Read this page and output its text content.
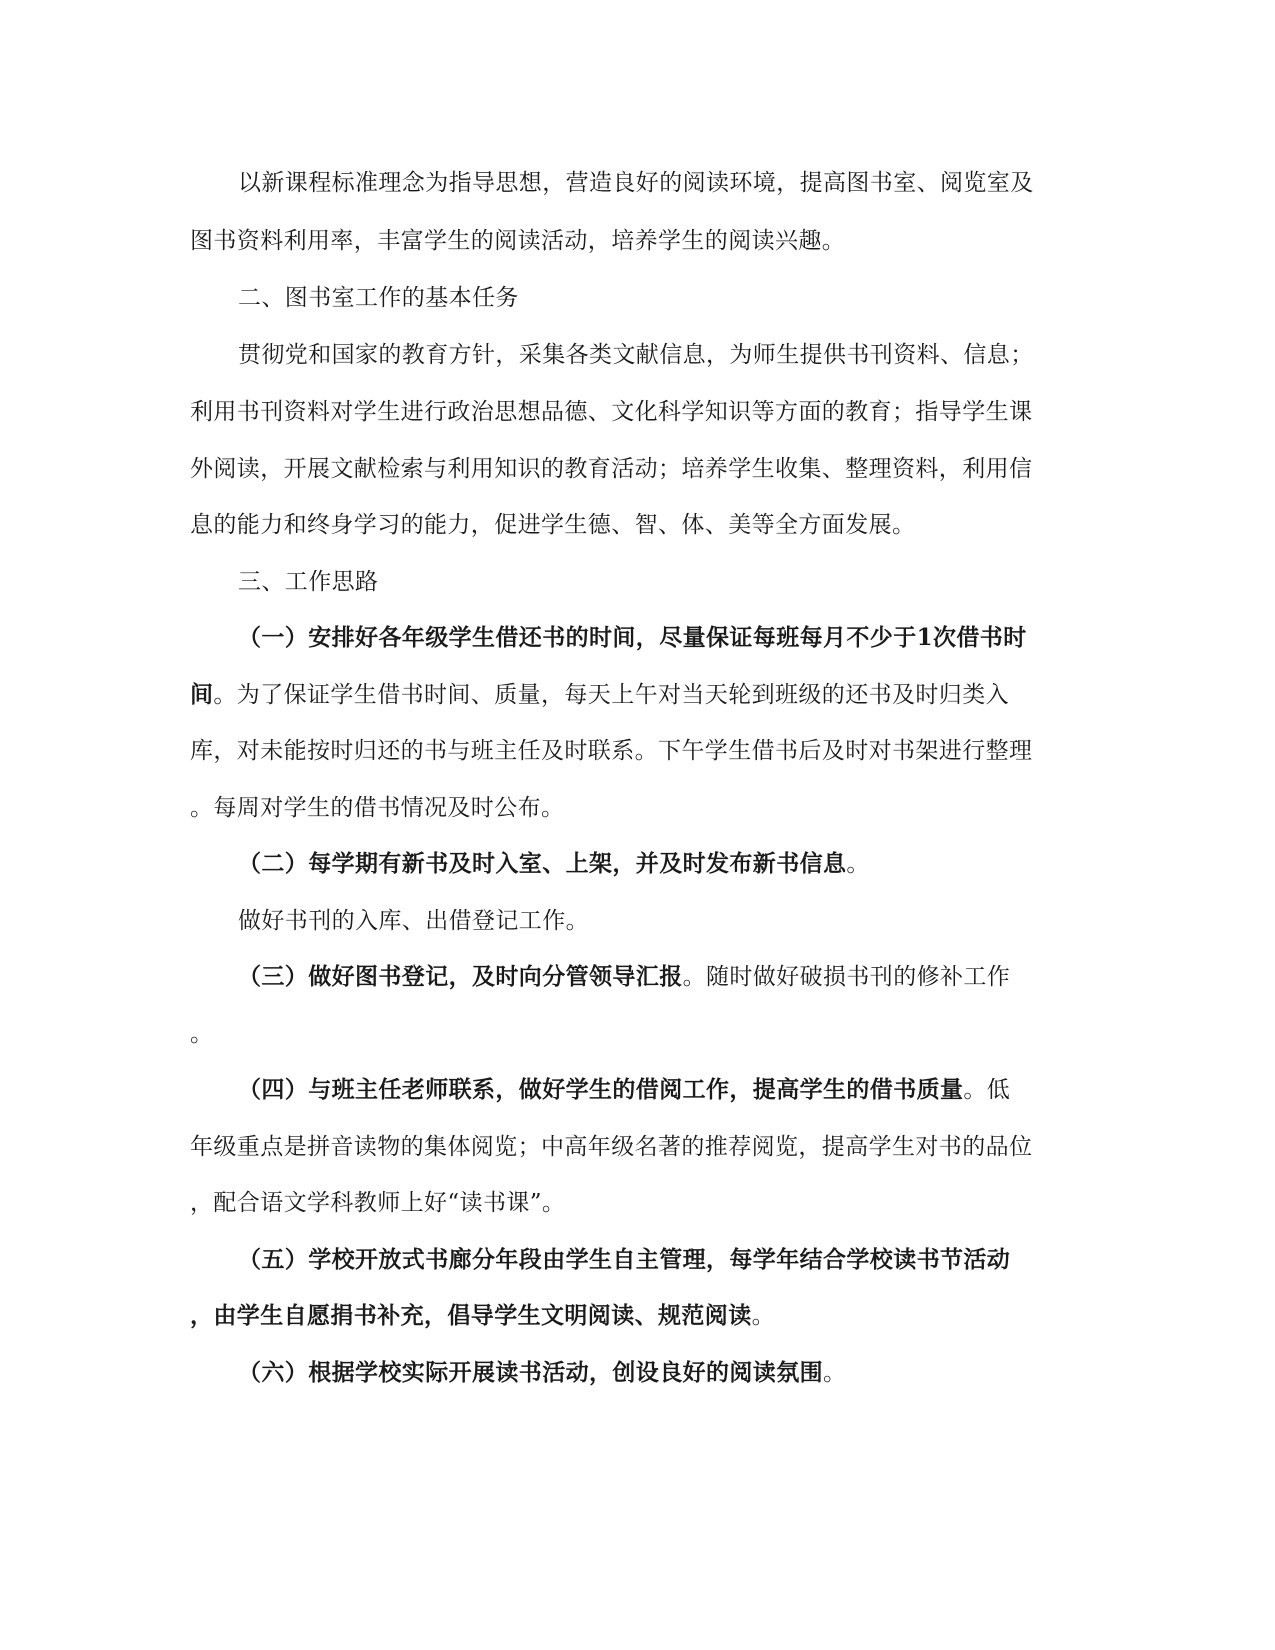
以新课程标准理念为指导思想，营造良好的阅读环境，提高图书室、阅览室及
图书资料利用率，丰富学生的阅读活动，培养学生的阅读兴趣。
二、图书室工作的基本任务
贯彻党和国家的教育方针，采集各类文献信息，为师生提供书刊资料、信息；
利用书刊资料对学生进行政治思想品德、文化科学知识等方面的教育；指导学生课
外阅读，开展文献检索与利用知识的教育活动；培养学生收集、整理资料，利用信
息的能力和终身学习的能力，促进学生德、智、体、美等全方面发展。
三、工作思路
（一）安排好各年级学生借还书的时间，尽量保证每班每月不少于1次借书时
间。为了保证学生借书时间、质量，每天上午对当天轮到班级的还书及时归类入
库，对未能按时归还的书与班主任及时联系。下午学生借书后及时对书架进行整理
。每周对学生的借书情况及时公布。
（二）每学期有新书及时入室、上架，并及时发布新书信息。
做好书刊的入库、出借登记工作。
（三）做好图书登记，及时向分管领导汇报。随时做好破损书刊的修补工作
。
（四）与班主任老师联系，做好学生的借阅工作，提高学生的借书质量。低
年级重点是拼音读物的集体阅览；中高年级名著的推荐阅览，提高学生对书的品位
，配合语文学科教师上好“读书课”。
（五）学校开放式书廊分年段由学生自主管理，每学年结合学校读书节活动
，由学生自愿捐书补充，倡导学生文明阅读、规范阅读。
（六）根据学校实际开展读书活动，创设良好的阅读氛围。
